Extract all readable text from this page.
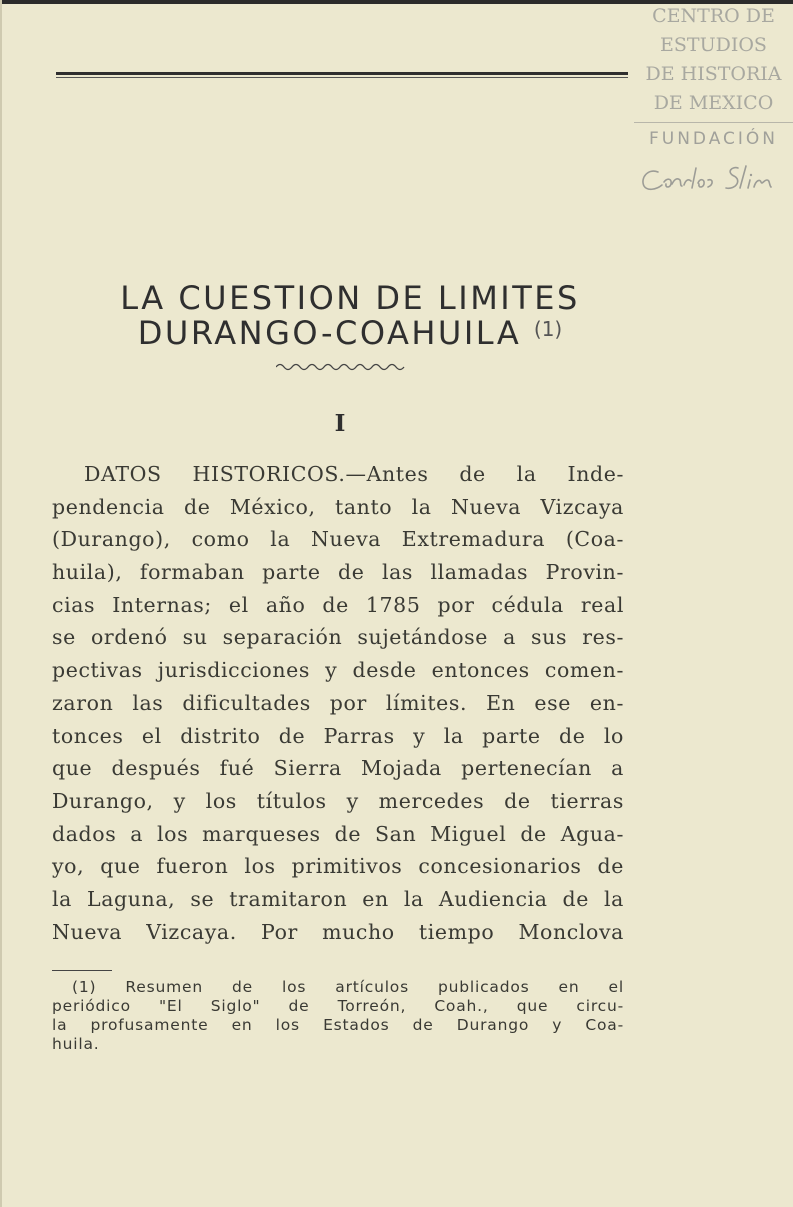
CENTRO DE
ESTUDIOS
DE HISTORIA
DE MEXICO
FUNDACIÓN
LA CUESTION DE LIMITES
DURANGO-COAHUILA $^{(1)}$
I
DATOS HISTORICOS.—Antes de la Inde-
pendencia de México, tanto la Nueva Vizcaya
(Durango), como la Nueva Extremadura (Coa-
huila), formaban parte de las llamadas Provin-
cias Internas; el año de 1785 por cédula real
se ordenó su separación sujetándose a sus res-
pectivas jurisdicciones y desde entonces comen-
zaron las dificultades por límites. En ese en-
tonces el distrito de Parras y la parte de lo
que después fué Sierra Mojada pertenecían a
Durango, y los títulos y mercedes de tierras
dados a los marqueses de San Miguel de Agua-
yo, que fueron los primitivos concesionarios de
la Laguna, se tramitaron en la Audiencia de la
Nueva Vizcaya. Por mucho tiempo Monclova
(1) Resumen de los artículos publicados en el
periódico "El Siglo" de Torreón, Coah., que circu-
la profusamente en los Estados de Durango y Coa-
huila.
